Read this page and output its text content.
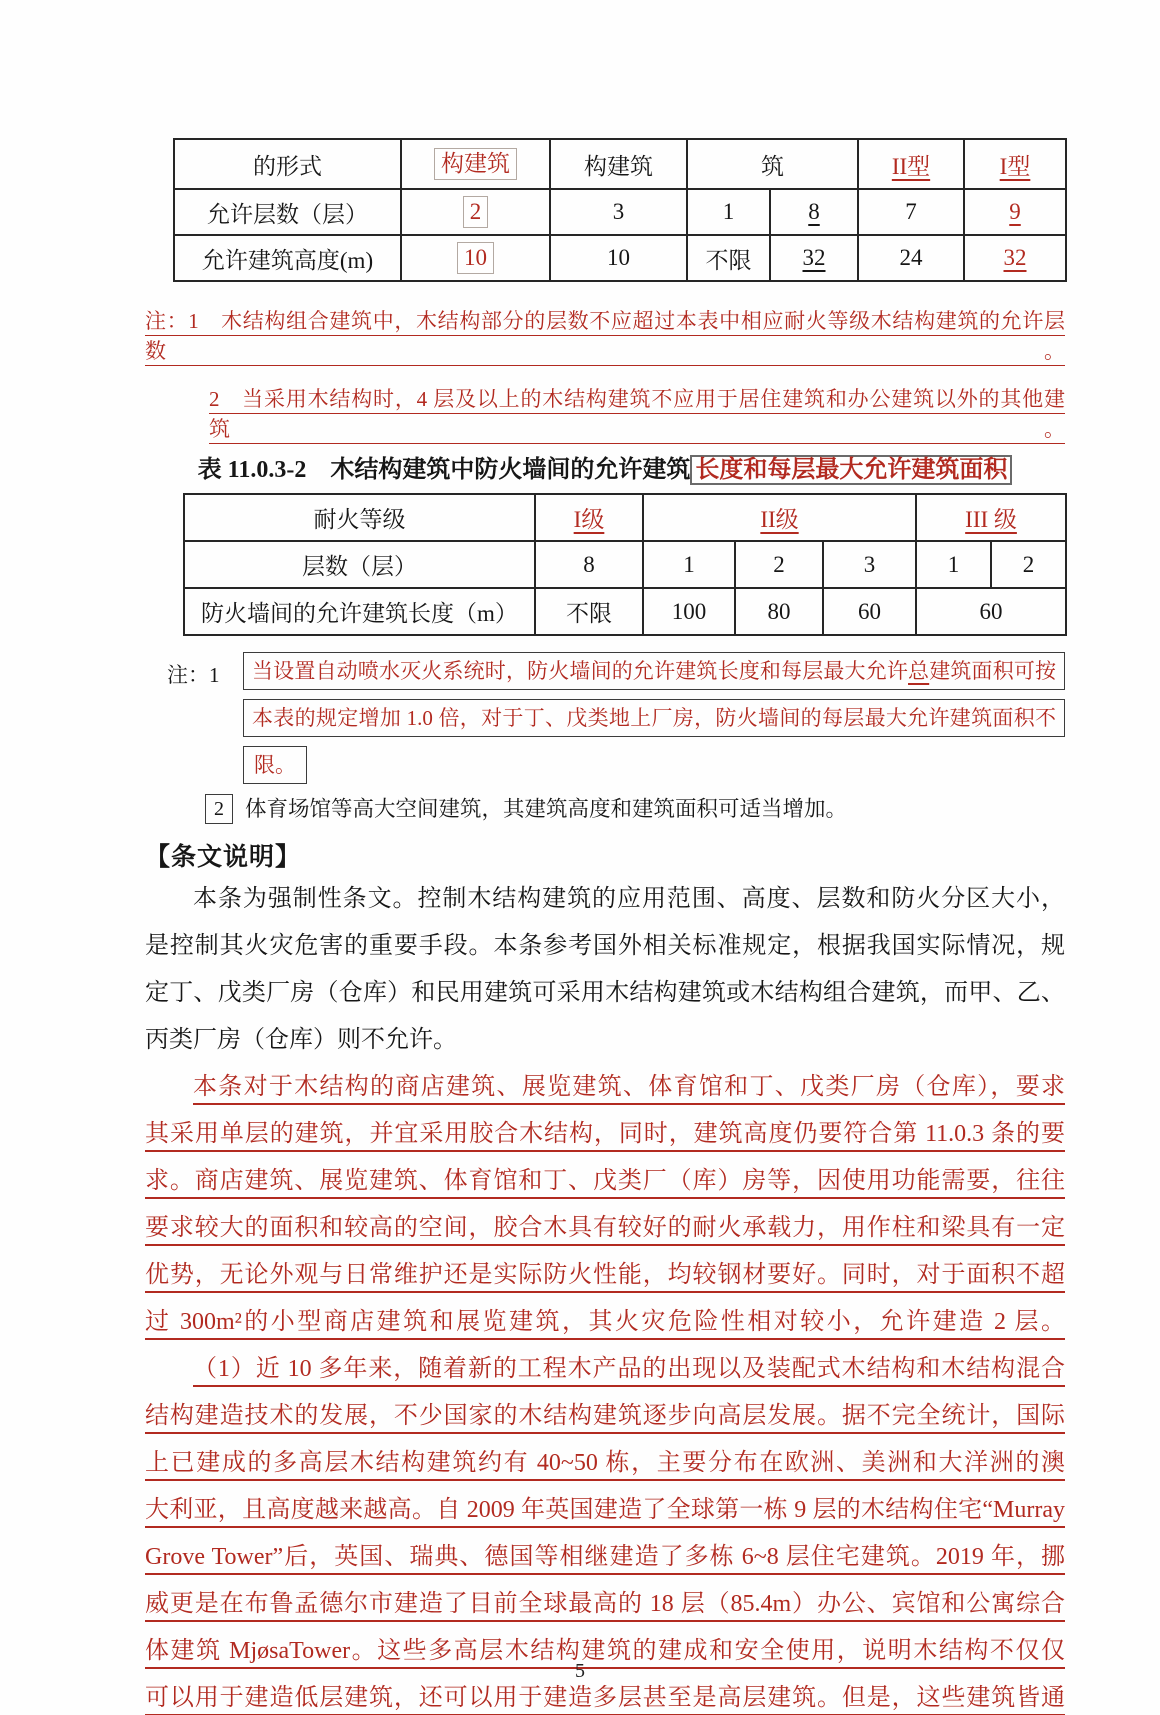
的形式	构建筑	构建筑	筑		II型	I型
允许层数（层）	2	3	1	8	7	9
允许建筑高度(m)	10	10	不限	32	24	32
注：1　木结构组合建筑中，木结构部分的层数不应超过本表中相应耐火等级木结构建筑的允许层数。
2　当采用木结构时，4 层及以上的木结构建筑不应用于居住建筑和办公建筑以外的其他建筑。
表 11.0.3-2　木结构建筑中防火墙间的允许建筑 长度和每层最大允许建筑面积
耐火等级	I级	II级			III 级	
层数（层）	8	1	2	3	1	2
防火墙间的允许建筑长度（m）	不限	100	80	60	60	
注：1	当设置自动喷水灭火系统时，防火墙间的允许建筑长度和每层最大允许总建筑面积可按
本表的规定增加 1.0 倍，对于丁、戊类地上厂房，防火墙间的每层最大允许建筑面积不
限。
2 体育场馆等高大空间建筑，其建筑高度和建筑面积可适当增加。
【条文说明】
本条为强制性条文。控制木结构建筑的应用范围、高度、层数和防火分区大小，
是控制其火灾危害的重要手段。本条参考国外相关标准规定，根据我国实际情况，规
定丁、戊类厂房（仓库）和民用建筑可采用木结构建筑或木结构组合建筑，而甲、乙、
丙类厂房（仓库）则不允许。
本条对于木结构的商店建筑、展览建筑、体育馆和丁、戊类厂房（仓库），要求
其采用单层的建筑，并宜采用胶合木结构，同时，建筑高度仍要符合第 11.0.3 条的要
求。商店建筑、展览建筑、体育馆和丁、戊类厂（库）房等，因使用功能需要，往往
要求较大的面积和较高的空间，胶合木具有较好的耐火承载力，用作柱和梁具有一定
优势，无论外观与日常维护还是实际防火性能，均较钢材要好。同时，对于面积不超
过 300m²的小型商店建筑和展览建筑，其火灾危险性相对较小，允许建造 2 层。
（1）近 10 多年来，随着新的工程木产品的出现以及装配式木结构和木结构混合
结构建造技术的发展，不少国家的木结构建筑逐步向高层发展。据不完全统计，国际
上已建成的多高层木结构建筑约有 40~50 栋，主要分布在欧洲、美洲和大洋洲的澳
大利亚，且高度越来越高。自 2009 年英国建造了全球第一栋 9 层的木结构住宅“Murray
Grove Tower”后，英国、瑞典、德国等相继建造了多栋 6~8 层住宅建筑。2019 年，挪
威更是在布鲁孟德尔市建造了目前全球最高的 18 层（85.4m）办公、宾馆和公寓综合
体建筑 MjøsaTower。这些多高层木结构建筑的建成和安全使用，说明木结构不仅仅
可以用于建造低层建筑，还可以用于建造多层甚至是高层建筑。但是，这些建筑皆通
5
